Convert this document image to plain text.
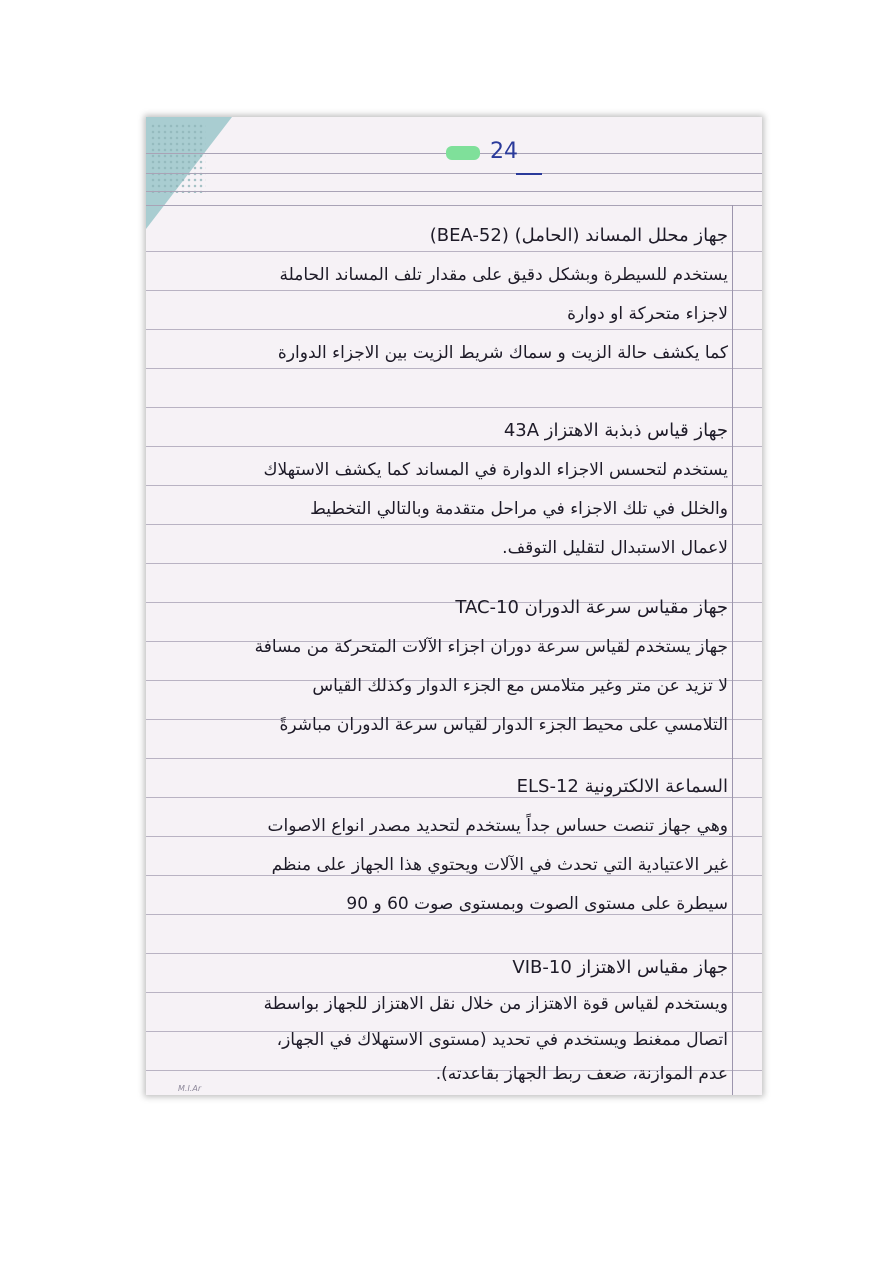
24
جهاز محلل المساند (الحامل) (BEA-52)
يستخدم للسيطرة وبشكل دقيق على مقدار تلف المساند الحاملة
لاجزاء متحركة او دوارة
كما يكشف حالة الزيت و سماك شريط الزيت بين الاجزاء الدوارة
جهاز قياس ذبذبة الاهتزاز 43A
يستخدم لتحسس الاجزاء الدوارة في المساند كما يكشف الاستهلاك
والخلل في تلك الاجزاء في مراحل متقدمة وبالتالي التخطيط
لاعمال الاستبدال لتقليل التوقف.
جهاز مقياس سرعة الدوران TAC-10
جهاز يستخدم لقياس سرعة دوران اجزاء الآلات المتحركة من مسافة
لا تزيد عن متر وغير متلامس مع الجزء الدوار وكذلك القياس
التلامسي على محيط الجزء الدوار لقياس سرعة الدوران مباشرةً
السماعة الالكترونية ELS-12
وهي جهاز تنصت حساس جداً يستخدم لتحديد مصدر انواع الاصوات
غير الاعتيادية التي تحدث في الآلات ويحتوي هذا الجهاز على منظم
سيطرة على مستوى الصوت وبمستوى صوت 60 و 90
جهاز مقياس الاهتزاز VIB-10
ويستخدم لقياس قوة الاهتزاز من خلال نقل الاهتزاز للجهاز بواسطة
اتصال ممغنط ويستخدم في تحديد (مستوى الاستهلاك في الجهاز،
عدم الموازنة، ضعف ربط الجهاز بقاعدته).
M.I.Ar
